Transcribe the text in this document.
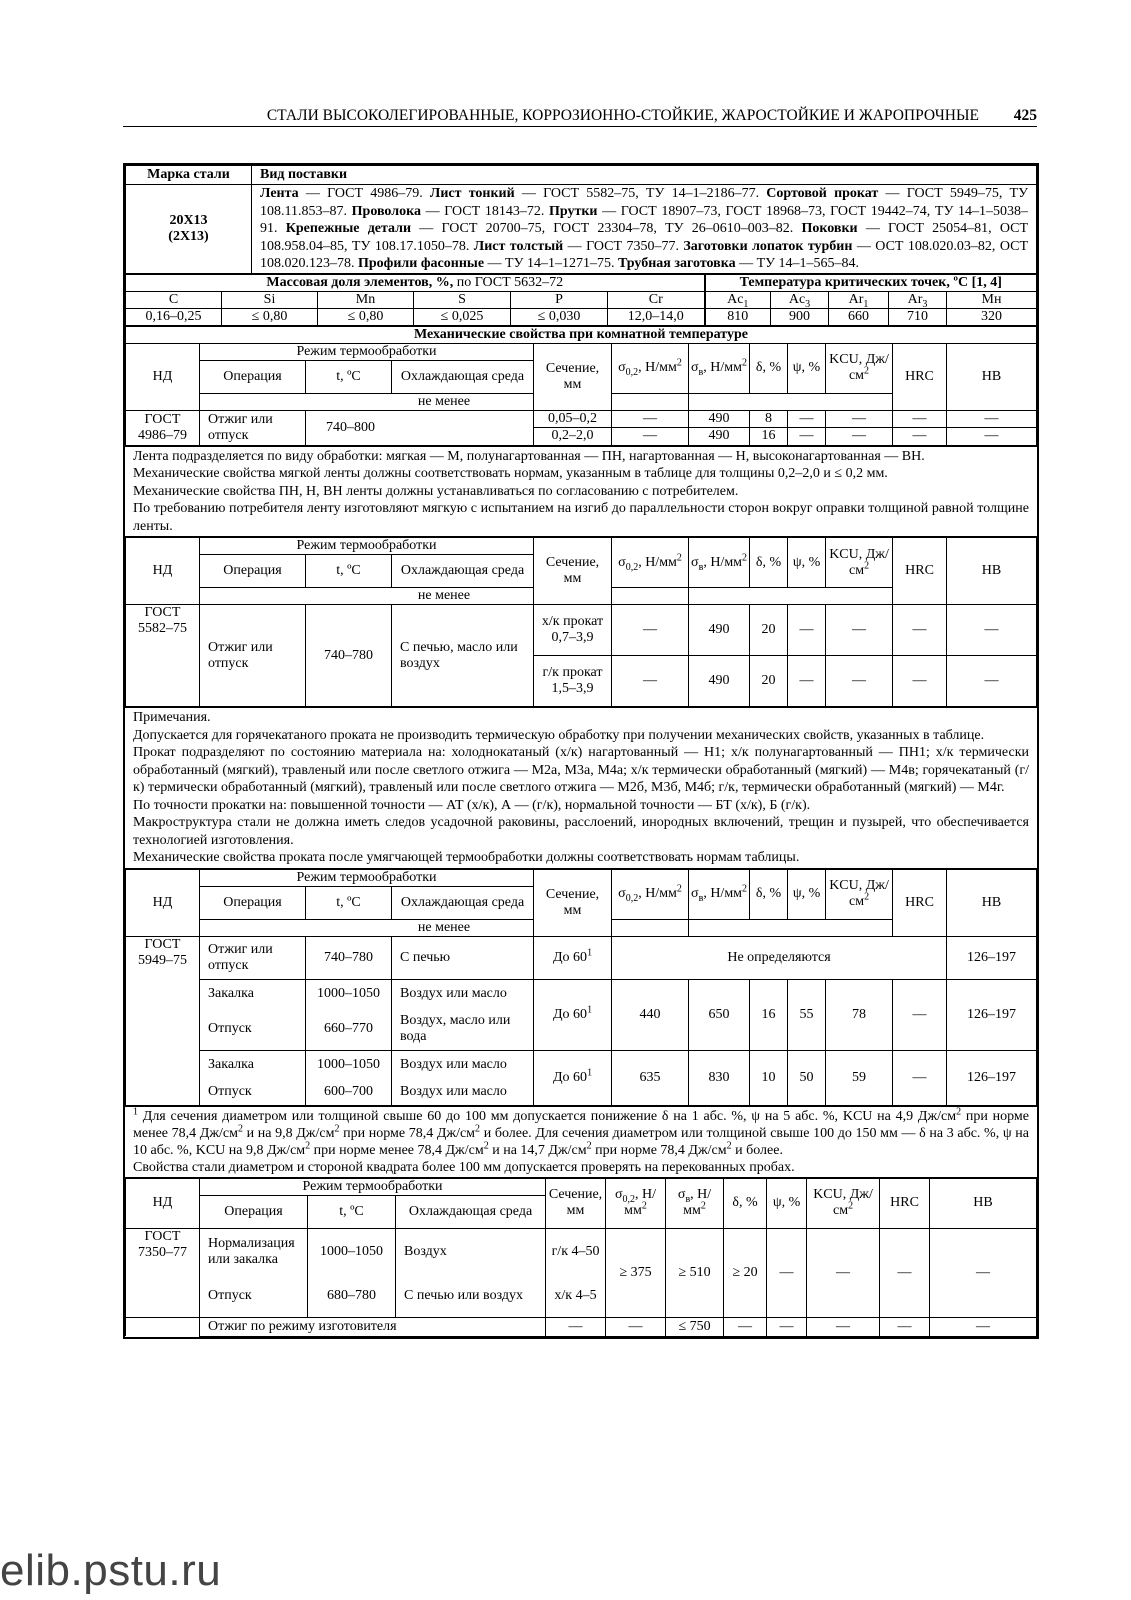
СТАЛИ ВЫСОКОЛЕГИРОВАННЫЕ, КОРРОЗИОННО-СТОЙКИЕ, ЖАРОСТОЙКИЕ И ЖАРОПРОЧНЫЕ 425
Марка стали	Вид поставки
20Х13
(2Х13)	Лента — ГОСТ 4986–79. Лист тонкий — ГОСТ 5582–75, ТУ 14–1–2186–77. Сортовой прокат — ГОСТ 5949–75, ТУ 108.11.853–87. Проволока — ГОСТ 18143–72. Прутки — ГОСТ 18907–73, ГОСТ 18968–73, ГОСТ 19442–74, ТУ 14–1–5038–91. Крепежные детали — ГОСТ 20700–75, ГОСТ 23304–78, ТУ 26–0610–003–82. Поковки — ГОСТ 25054–81, ОСТ 108.958.04–85, ТУ 108.17.1050–78. Лист толстый — ГОСТ 7350–77. Заготовки лопаток турбин — ОСТ 108.020.03–82, ОСТ 108.020.123–78. Профили фасонные — ТУ 14–1–1271–75. Трубная заготовка — ТУ 14–1–565–84.
Массовая доля элементов, %, по ГОСТ 5632–72						Температура критических точек, ºС [1, 4]				
C	Si	Mn	S	P	Cr	$Ac_1$	$Ac_3$	$Ar_1$	$Ar_3$	Мн
0,16–0,25	≤ 0,80	≤ 0,80	≤ 0,025	≤ 0,030	12,0–14,0	810	900	660	710	320
Механические свойства при комнатной температуре											
НД	Режим термообработки			Сечение, мм	$\sigma_{0,2}$, $Н/мм^2$	$\sigma_в$, $Н/мм^2$	δ, %	ψ, %	KCU, $Дж/см^2$	HRC	НВ
	Операция	t, ºС	Охлаждающая среда								
	не менее										
ГОСТ 4986–79	Отжиг или отпуск	740–800		0,05–0,2	—	490	8	—	—	—	—
				0,2–2,0	—	490	16	—	—	—	—

Лента подразделяется по виду обработки: мягкая — М, полунагартованная — ПН, нагартованная — Н, высоконагартованная — ВН.

Механические свойства мягкой ленты должны соответствовать нормам, указанным в таблице для толщины 0,2–2,0 и ≤ 0,2 мм.

Механические свойства ПН, Н, ВН ленты должны устанавливаться по согласованию с потребителем.

По требованию потребителя ленту изготовляют мягкую с испытанием на изгиб до параллельности сторон вокруг оправки толщиной равной толщине ленты.

НД	Режим термообработки			Сечение, мм	$\sigma_{0,2}$, $Н/мм^2$	$\sigma_в$, $Н/мм^2$	δ, %	ψ, %	KCU, $Дж/см^2$	HRC	НВ
	Операция	t, ºС	Охлаждающая среда								
	не менее										
ГОСТ 5582–75	Отжиг или отпуск	740–780	С печью, масло или воздух	х/к прокат 0,7–3,9	—	490	20	—	—	—	—
				г/к прокат 1,5–3,9	—	490	20	—	—	—	—

Примечания.

Допускается для горячекатаного проката не производить термическую обработку при получении механических свойств, указанных в таблице.

Прокат подразделяют по состоянию материала на: холоднокатаный (х/к) нагартованный — Н1; х/к полунагартованный — ПН1; х/к термически обработанный (мягкий), травленый или после светлого отжига — М2а, М3а, М4а; х/к термически обработанный (мягкий) — М4в; горячекатаный (г/к) термически обработанный (мягкий), травленый или после светлого отжига — М2б, М3б, М4б; г/к, термически обработанный (мягкий) — М4г.

По точности прокатки на: повышенной точности — АТ (х/к), А — (г/к), нормальной точности — БТ (х/к), Б (г/к).

Макроструктура стали не должна иметь следов усадочной раковины, расслоений, инородных включений, трещин и пузырей, что обеспечивается технологией изготовления.

Механические свойства проката после умягчающей термообработки должны соответствовать нормам таблицы.

НД	Режим термообработки			Сечение, мм	$\sigma_{0,2}$, $Н/мм^2$	$\sigma_в$, $Н/мм^2$	δ, %	ψ, %	KCU, $Дж/см^2$	HRC	НВ
	Операция	t, ºС	Охлаждающая среда								
	не менее										
ГОСТ 5949–75	Отжиг или отпуск	740–780	С печью	До $60^1$	Не определяются						126–197
	Закалка	1000–1050	Воздух или масло	До $60^1$	440	650	16	55	78	—	126–197
	Отпуск	660–770	Воздух, масло или вода								
	Закалка	1000–1050	Воздух или масло	До $60^1$	635	830	10	50	59	—	126–197
	Отпуск	600–700	Воздух или масло								

$^1$ Для сечения диаметром или толщиной свыше 60 до 100 мм допускается понижение δ на 1 абс. %, ψ на 5 абс. %, KCU на 4,9 $Дж/см^2$ при норме менее 78,4 $Дж/см^2$ и на 9,8 $Дж/см^2$ при норме 78,4 $Дж/см^2$ и более. Для сечения диаметром или толщиной свыше 100 до 150 мм — δ на 3 абс. %, ψ на 10 абс. %, KCU на 9,8 $Дж/см^2$ при норме менее 78,4 $Дж/см^2$ и на 14,7 $Дж/см^2$ при норме 78,4 $Дж/см^2$ и более.

Свойства стали диаметром и стороной квадрата более 100 мм допускается проверять на перекованных пробах.

НД	Режим термообработки			Сечение, мм	$\sigma_{0,2}$, $Н/мм^2$	$\sigma_в$, $Н/мм^2$	δ, %	ψ, %	KCU, $Дж/см^2$	HRC	НВ
	Операция	t, ºС	Охлаждающая среда								
ГОСТ 7350–77	Нормализация или закалка	1000–1050	Воздух	г/к 4–50	≥ 375	≥ 510	≥ 20	—	—	—	—
	Отпуск	680–780	С печью или воздух	х/к 4–5							
	Отжиг по режиму изготовителя			—	—	≤ 750	—	—	—	—	—
elib.pstu.ru
